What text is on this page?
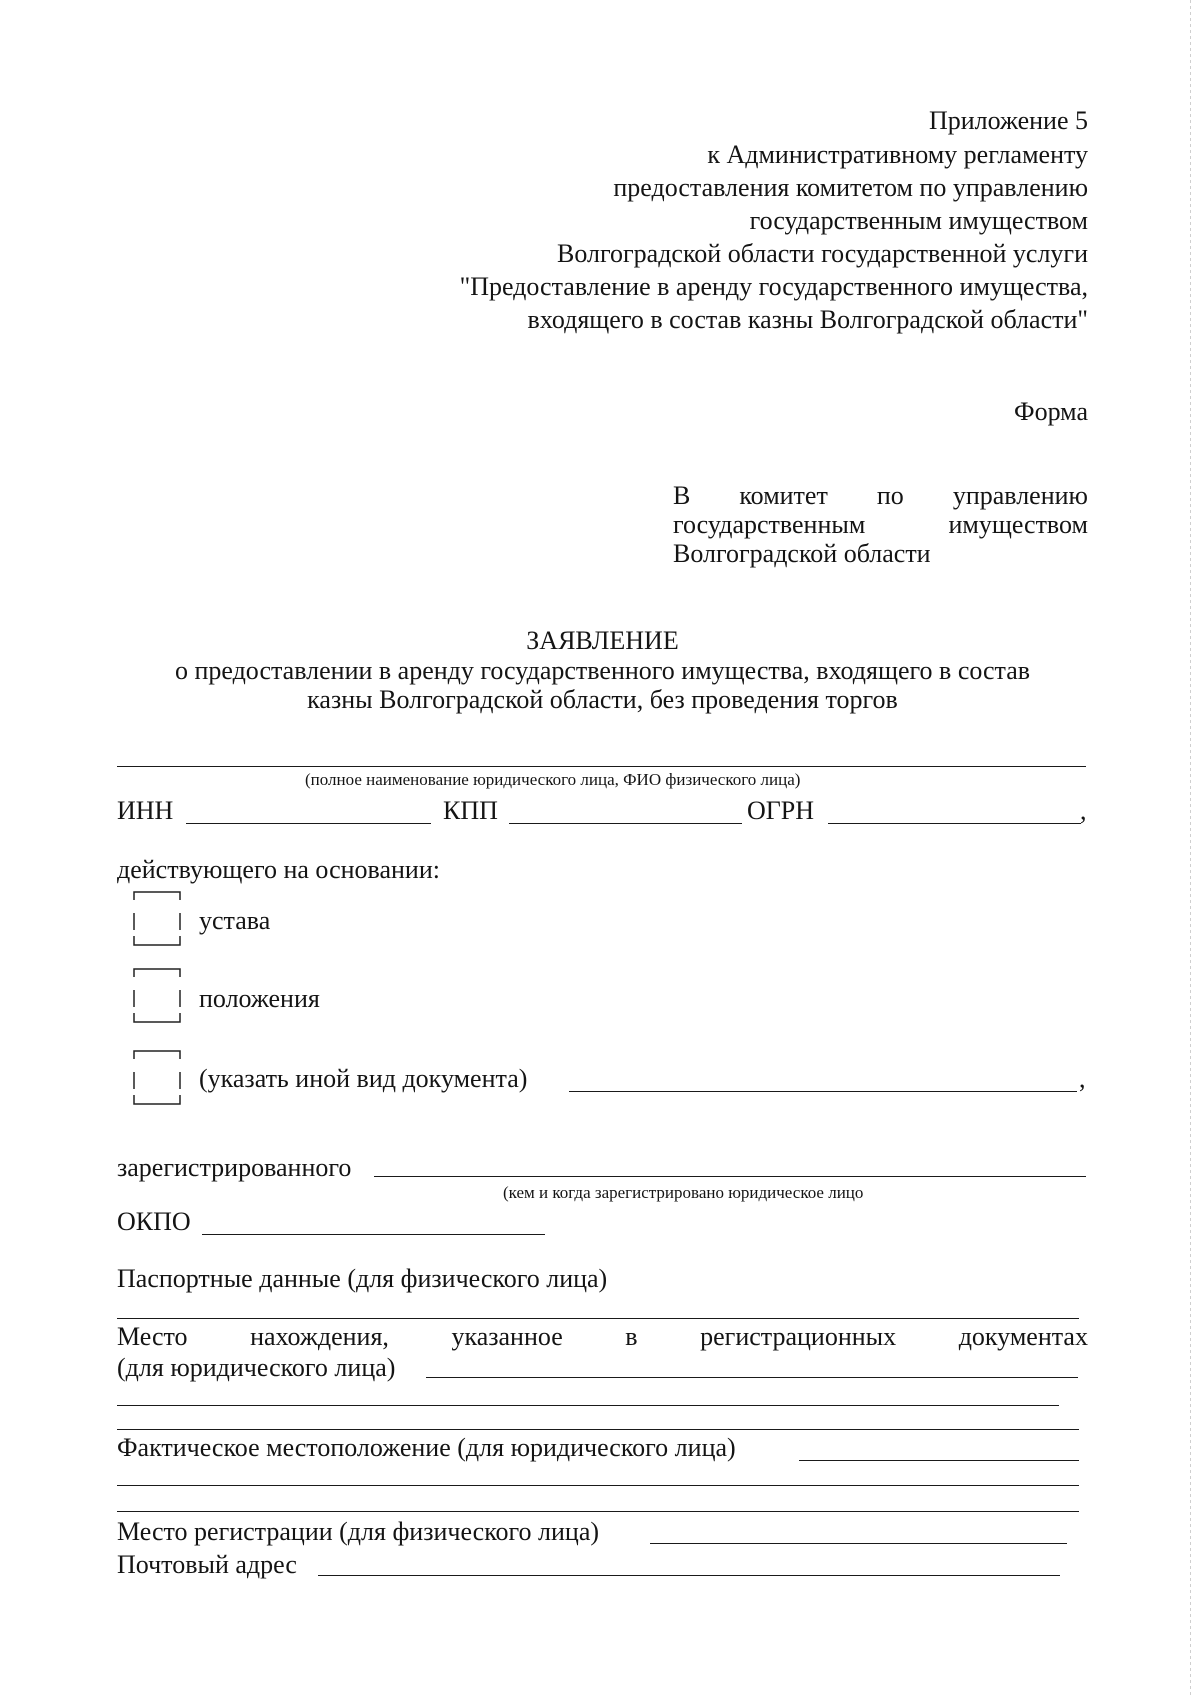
Приложение 5
к Административному регламенту
предоставления комитетом по управлению
государственным имуществом
Волгоградской области государственной услуги
"Предоставление в аренду государственного имущества,
входящего в состав казны Волгоградской области"
Форма
В комитет по управлению
государственным	имуществом
Волгоградской области
ЗАЯВЛЕНИЕ
о предоставлении в аренду государственного имущества, входящего в состав
казны Волгоградской области, без проведения торгов
(полное наименование юридического лица, ФИО физического лица)
ИНН	КПП	ОГРН	,
действующего на основании:
устава
положения
(указать иной вид документа)	,
зарегистрированного
(кем и когда зарегистрировано юридическое лицо
ОКПО
Паспортные данные (для физического лица)
Место нахождения, указанное в регистрационных документах
(для юридического лица)
Фактическое местоположение (для юридического лица)
Место регистрации (для физического лица)
Почтовый адрес
